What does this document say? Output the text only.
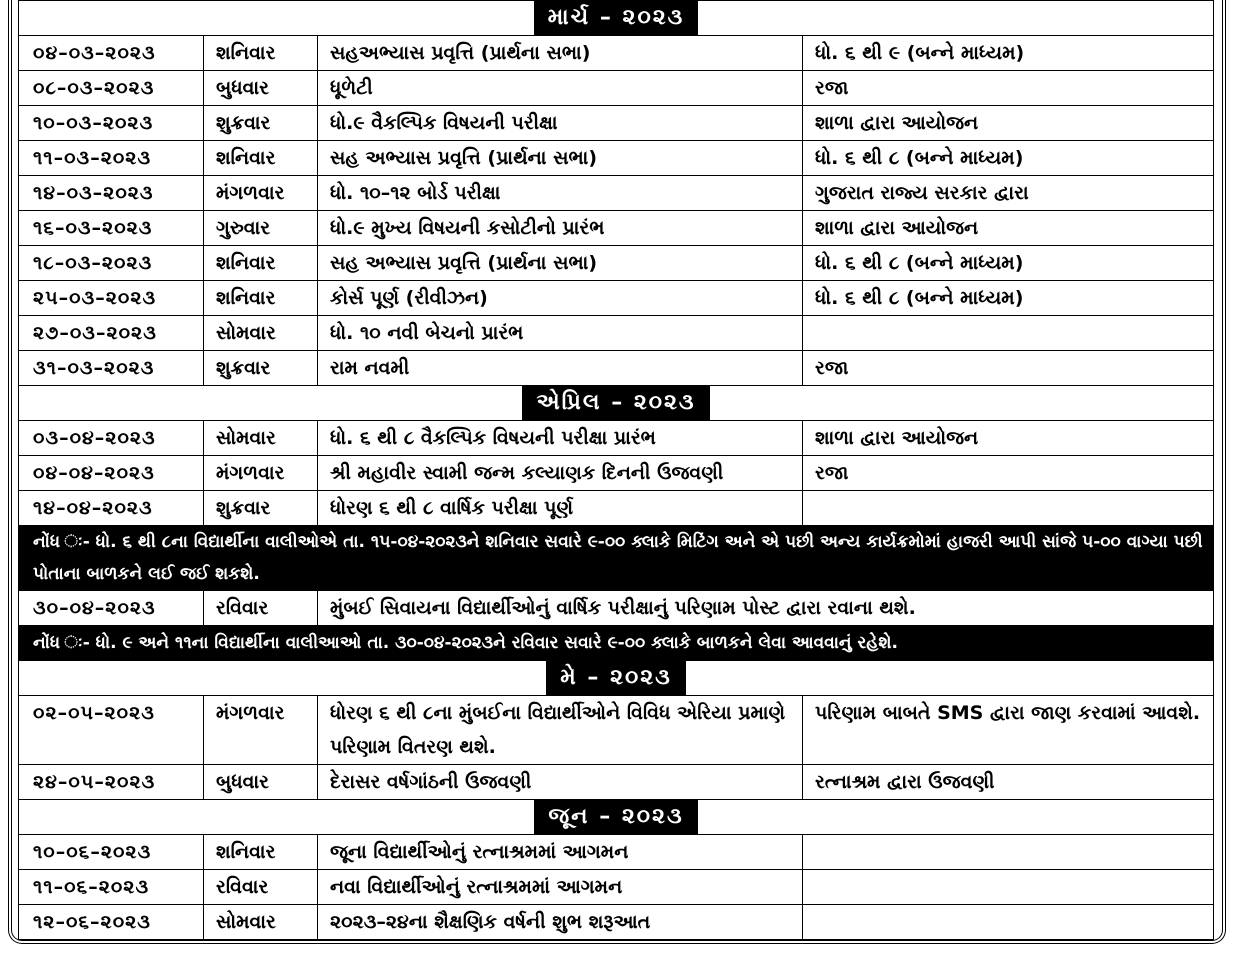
માર્ચ – ૨૦૨૩			
૦૪–૦૩–૨૦૨૩	શનિવાર	સહઅભ્યાસ પ્રવૃત્તિ (પ્રાર્થના સભા)	ધો. ૬ થી ૯ (બન્ને માધ્યમ)
૦૮–૦૩–૨૦૨૩	બુધવાર	ધૂળેટી	રજા
૧૦–૦૩–૨૦૨૩	શુક્રવાર	ધો.૯ વૈકલ્પિક વિષયની પરીક્ષા	શાળા દ્વારા આયોજન
૧૧–૦૩–૨૦૨૩	શનિવાર	સહ અભ્યાસ પ્રવૃત્તિ (પ્રાર્થના સભા)	ધો. ૬ થી ૮ (બન્ને માધ્યમ)
૧૪–૦૩–૨૦૨૩	મંગળવાર	ધો. ૧૦–૧૨ બોર્ડ પરીક્ષા	ગુજરાત રાજ્ય સરકાર દ્વારા
૧૬–૦૩–૨૦૨૩	ગુરુવાર	ધો.૯ મુખ્ય વિષયની કસોટીનો પ્રારંભ	શાળા દ્વારા આયોજન
૧૮–૦૩–૨૦૨૩	શનિવાર	સહ અભ્યાસ પ્રવૃત્તિ (પ્રાર્થના સભા)	ધો. ૬ થી ૮ (બન્ને માધ્યમ)
૨૫–૦૩–૨૦૨૩	શનિવાર	કોર્સ પૂર્ણ (રીવીઝન)	ધો. ૬ થી ૮ (બન્ને માધ્યમ)
૨૭–૦૩–૨૦૨૩	સોમવાર	ધો. ૧૦ નવી બેચનો પ્રારંભ	
૩૧–૦૩–૨૦૨૩	શુક્રવાર	રામ નવમી	રજા
એપ્રિલ – ૨૦૨૩			
૦૩–૦૪–૨૦૨૩	સોમવાર	ધો. ૬ થી ૮ વૈકલ્પિક વિષયની પરીક્ષા પ્રારંભ	શાળા દ્વારા આયોજન
૦૪–૦૪–૨૦૨૩	મંગળવાર	શ્રી મહાવીર સ્વામી જન્મ કલ્યાણક દિનની ઉજવણી	રજા
૧૪–૦૪–૨૦૨૩	શુક્રવાર	ધોરણ ૬ થી ૮ વાર્ષિક પરીક્ષા પૂર્ણ	
નોંધ ઃ- ધો. ૬ થી ૮ના વિદ્યાર્થીના વાલીઓએ તા. ૧૫-૦૪-૨૦૨૩ને શનિવાર સવારે ૯-૦૦ ક્લાકે મિટિંગ અને એ પછી અન્ય કાર્યક્રમોમાં હાજરી આપી સાંજે ૫-૦૦ વાગ્યા પછી પોતાના બાળકને લઈ જઈ શકશે.			
૩૦–૦૪–૨૦૨૩	રવિવાર	મુંબઈ સિવાયના વિદ્યાર્થીઓનું વાર્ષિક પરીક્ષાનું પરિણામ પોસ્ટ દ્વારા રવાના થશે.	
નોંધ ઃ- ધો. ૯ અને ૧૧ના વિદ્યાર્થીના વાલીઆઓ તા. ૩૦-૦૪-૨૦૨૩ને રવિવાર સવારે ૯-૦૦ ક્લાકે બાળકને લેવા આવવાનું રહેશે.			
મે – ૨૦૨૩			
૦૨–૦૫–૨૦૨૩	મંગળવાર	ધોરણ ૬ થી ૮ના મુંબઈના વિદ્યાર્થીઓને વિવિધ એરિયા પ્રમાણે પરિણામ વિતરણ થશે.	પરિણામ બાબતે SMS દ્વારા જાણ કરવામાં આવશે.
૨૪–૦૫–૨૦૨૩	બુધવાર	દેરાસર વર્ષગાંઠની ઉજવણી	રત્નાશ્રમ દ્વારા ઉજવણી
જૂન – ૨૦૨૩			
૧૦–૦૬–૨૦૨૩	શનિવાર	જૂના વિદ્યાર્થીઓનું રત્નાશ્રમમાં આગમન	
૧૧–૦૬–૨૦૨૩	રવિવાર	નવા વિદ્યાર્થીઓનું રત્નાશ્રમમાં આગમન	
૧૨–૦૬–૨૦૨૩	સોમવાર	૨૦૨૩–૨૪ના શૈક્ષણિક વર્ષની શુભ શરૂઆત	
